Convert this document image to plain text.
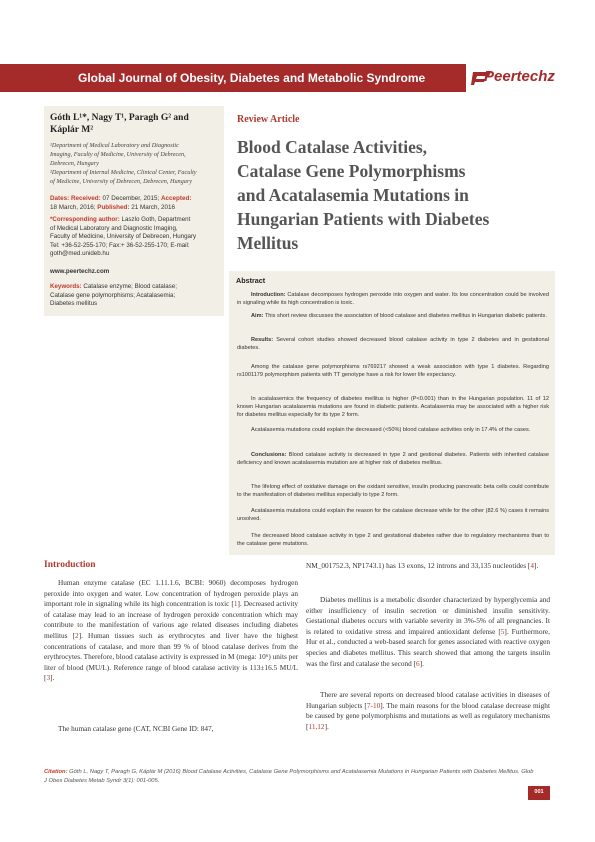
Global Journal of Obesity, Diabetes and Metabolic Syndrome	Peertechz
Góth L¹*, Nagy T¹, Paragh G² and
Káplár M²
¹Department of Medical Laboratory and Diagnostic
Imaging, Faculty of Medicine, University of Debrecen,
Debrecen, Hungary
²Department of Internal Medicine, Clinical Center, Faculty
of Medicine, University of Debrecen, Debrecen, Hungary
Dates: Received: 07 December, 2015; Accepted:
18 March, 2016; Published: 21 March, 2016
*Corresponding author: Laszlo Goth, Department
of Medical Laboratory and Diagnostic Imaging,
Faculty of Medicine, University of Debrecen, Hungary
Tel: +36-52-255-170; Fax:+ 36-52-255-170; E-mail:
goth@med.unideb.hu
www.peertechz.com
Keywords: Catalase enzyme; Blood catalase;
Catalase gene polymorphisms; Acatalasemia;
Diabetes mellitus
Review Article
Blood Catalase Activities,
Catalase Gene Polymorphisms
and Acatalasemia Mutations in
Hungarian Patients with Diabetes
Mellitus
Abstract

Introduction: Catalase decomposes hydrogen peroxide into oxygen and water. Its low concentration could be involved in signaling while its high concentration is toxic.

Aim: This short review discusses the association of blood catalase and diabetes mellitus in Hungarian diabetic patients.

Results: Several cohort studies showed decreased blood catalase activity in type 2 diabetes and in gestational diabetes.

Among the catalase gene polymorphisms rs769217 showed a weak association with type 1 diabetes. Regarding rs1001179 polymorphism patients with TT genotype have a risk for lower life expectancy.

In acatalasemics the frequency of diabetes mellitus is higher (P<0.001) than in the Hungarian population. 11 of 12 known Hungarian acatalasemia mutations are found in diabetic patients. Acatalasemia may be associated with a higher risk for diabetes mellitus especially for its type 2 form.

Acatalasemia mutations could explain the decreased (<50%) blood catalase activities only in 17.4% of the cases.

Conclusions: Blood catalase activity is decreased in type 2 and gestional diabetes. Patients with inherited catalase deficiency and known acatalasemia mutation are at higher risk of diabetes mellitus.

The lifelong effect of oxidative damage on the oxidant sensitive, insulin producing pancreatic beta cells could contribute to the manifestation of diabetes mellitus especially to type 2 form.

Acatalasemia mutations could explain the reason for the catalase decrease while for the other (82.6 %) cases it remains unsolved.

The decreased blood catalase activity in type 2 and gestational diabetes rather due to regulatory mechanisms than to the catalase gene mutations.

Introduction

Human enzyme catalase (EC 1.11.1.6, BCBI: 9060) decomposes hydrogen peroxide into oxygen and water. Low concentration of hydrogen peroxide plays an important role in signaling while its high concentration is toxic [1]. Decreased activity of catalase may lead to an increase of hydrogen peroxide concentration which may contribute to the manifestation of various age related diseases including diabetes mellitus [2]. Human tissues such as erythrocytes and liver have the highest concentrations of catalase, and more than 99 % of blood catalase derives from the erythrocytes. Therefore, blood catalase activity is expressed in M (mega: 10⁶) units per liter of blood (MU/L). Reference range of blood catalase activity is 113±16.5 MU/L [3].

The human catalase gene (CAT, NCBI Gene ID: 847,

NM_001752.3, NP1743.1) has 13 exons, 12 introns and 33,135 nucleotides [4].

Diabetes mellitus is a metabolic disorder characterized by hyperglycemia and either insufficiency of insulin secretion or diminished insulin sensitivity. Gestational diabetes occurs with variable severity in 3%-5% of all pregnancies. It is related to oxidative stress and impaired antioxidant defense [5]. Furthermore, Hur et al., conducted a web-based search for genes associated with reactive oxygen species and diabetes mellitus. This search showed that among the targets insulin was the first and catalase the second [6].

There are several reports on decreased blood catalase activities in diseases of Hungarian subjects [7-10]. The main reasons for the blood catalase decrease might be caused by gene polymorphisms and mutations as well as regulatory mechanisms [11,12].

Citation: Góth L, Nagy T, Paragh G, Káplár M (2016) Blood Catalase Activities, Catalase Gene Polymorphisms and Acatalasemia Mutations in Hungarian Patients with Diabetes Mellitus. Glob J Obes Diabetes Metab Syndr 3(1): 001-005.
001
